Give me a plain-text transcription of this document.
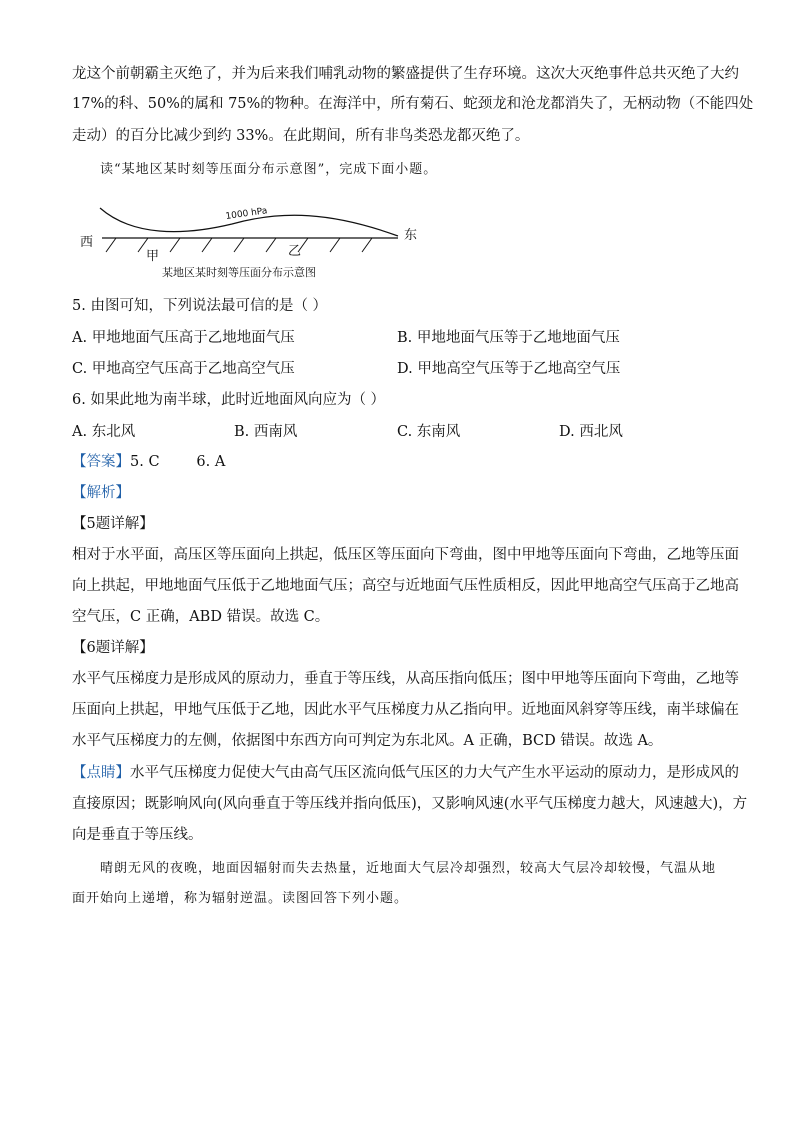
龙这个前朝霸主灭绝了，并为后来我们哺乳动物的繁盛提供了生存环境。这次大灭绝事件总共灭绝了大约
17%的科、50%的属和 75%的物种。在海洋中，所有菊石、蛇颈龙和沧龙都消失了，无柄动物（不能四处
走动）的百分比减少到约 33%。在此期间，所有非鸟类恐龙都灭绝了。
读“某地区某时刻等压面分布示意图”，完成下面小题。
西	东
1000 hPa
甲	乙
某地区某时刻等压面分布示意图
5. 由图可知，下列说法最可信的是（ ）
A. 甲地地面气压高于乙地地面气压	B. 甲地地面气压等于乙地地面气压
C. 甲地高空气压高于乙地高空气压	D. 甲地高空气压等于乙地高空气压
6. 如果此地为南半球，此时近地面风向应为（ ）
A. 东北风	B. 西南风	C. 东南风	D. 西北风
【答案】5. C        6. A
【解析】
【5题详解】
相对于水平面，高压区等压面向上拱起，低压区等压面向下弯曲，图中甲地等压面向下弯曲，乙地等压面
向上拱起，甲地地面气压低于乙地地面气压；高空与近地面气压性质相反，因此甲地高空气压高于乙地高
空气压，C 正确，ABD 错误。故选 C。
【6题详解】
水平气压梯度力是形成风的原动力，垂直于等压线，从高压指向低压；图中甲地等压面向下弯曲，乙地等
压面向上拱起，甲地气压低于乙地，因此水平气压梯度力从乙指向甲。近地面风斜穿等压线，南半球偏在
水平气压梯度力的左侧，依据图中东西方向可判定为东北风。A 正确，BCD 错误。故选 A。
【点睛】水平气压梯度力促使大气由高气压区流向低气压区的力大气产生水平运动的原动力，是形成风的
直接原因；既影响风向(风向垂直于等压线并指向低压)，又影响风速(水平气压梯度力越大，风速越大)，方
向是垂直于等压线。
晴朗无风的夜晚，地面因辐射而失去热量，近地面大气层冷却强烈，较高大气层冷却较慢，气温从地
面开始向上递增，称为辐射逆温。读图回答下列小题。
